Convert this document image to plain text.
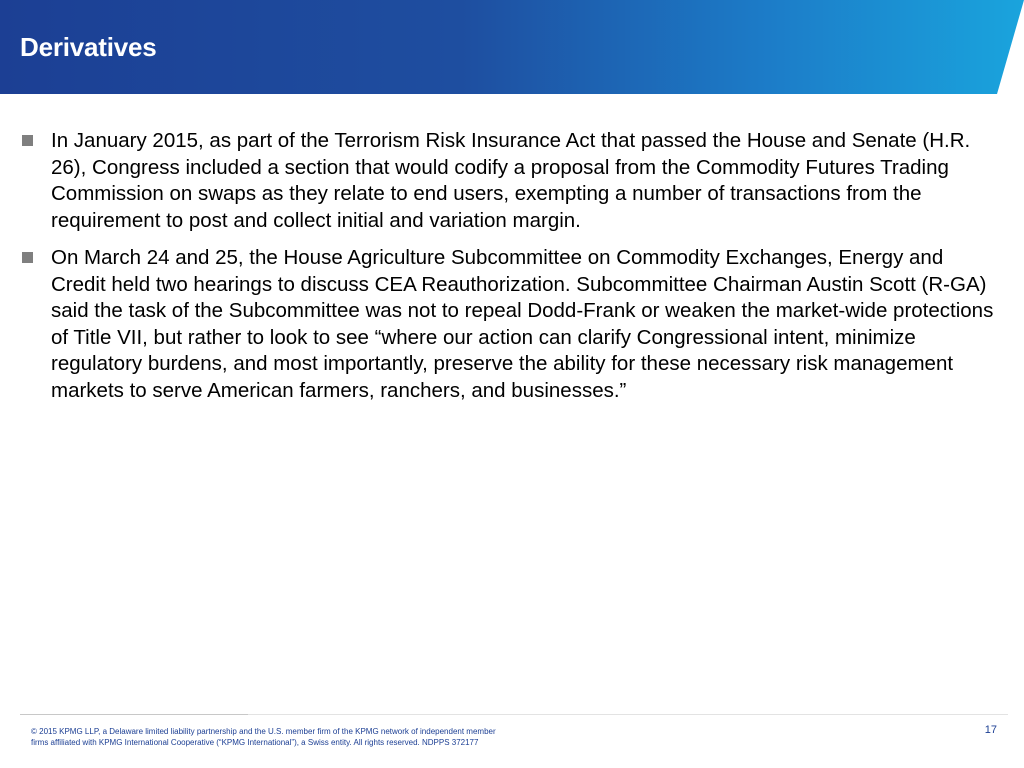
Derivatives
In January 2015, as part of the Terrorism Risk Insurance Act that passed the House and Senate (H.R. 26), Congress included a section that would codify a proposal from the Commodity Futures Trading Commission on swaps as they relate to end users, exempting a number of transactions from the requirement to post and collect initial and variation margin.
On March 24 and 25, the House Agriculture Subcommittee on Commodity Exchanges, Energy and Credit held two hearings to discuss CEA Reauthorization. Subcommittee Chairman Austin Scott (R-GA) said the task of the Subcommittee was not to repeal Dodd-Frank or weaken the market-wide protections of Title VII, but rather to look to see “where our action can clarify Congressional intent, minimize regulatory burdens, and most importantly, preserve the ability for these necessary risk management markets to serve American farmers, ranchers, and businesses.”

© 2015 KPMG LLP, a Delaware limited liability partnership and the U.S. member firm of the KPMG network of independent member
firms affiliated with KPMG International Cooperative (“KPMG International”), a Swiss entity. All rights reserved. NDPPS 372177

17
